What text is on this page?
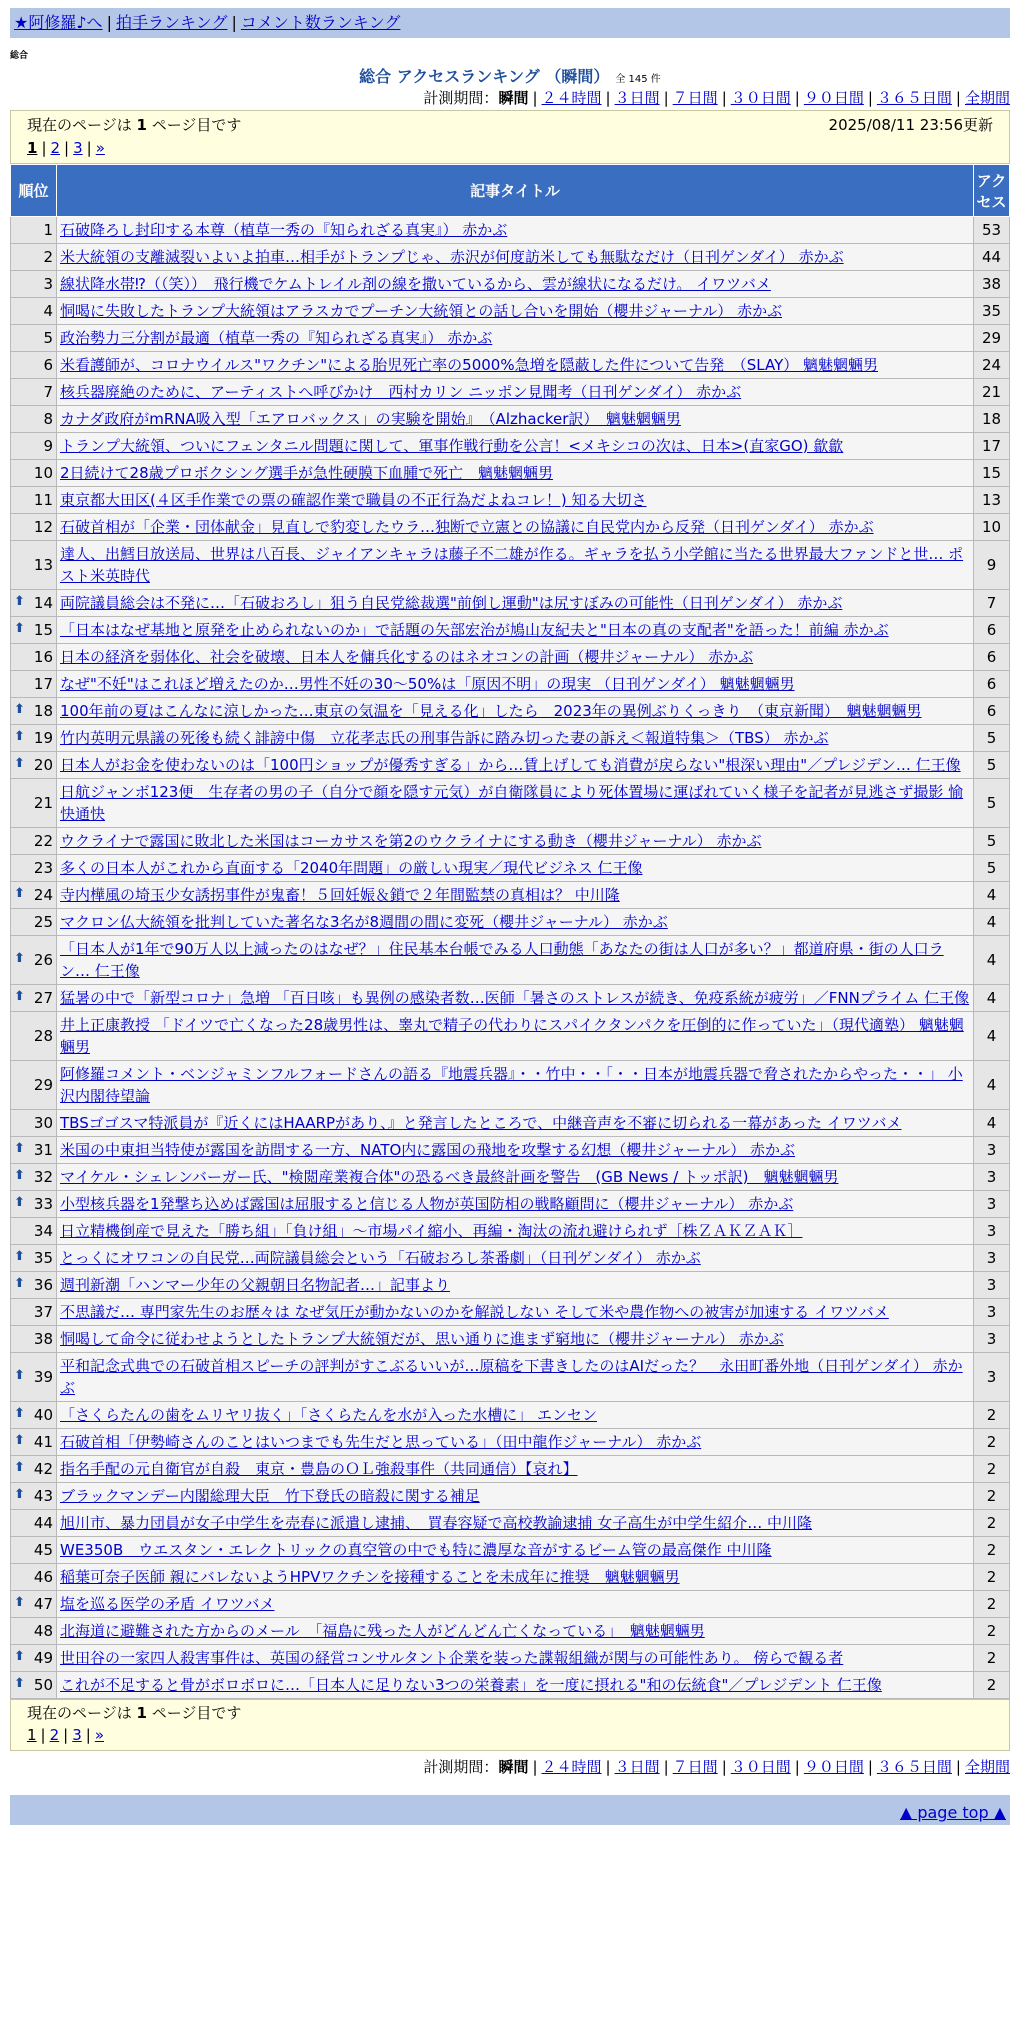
★阿修羅♪へ | 拍手ランキング | コメント数ランキング
総合
総合 アクセスランキング （瞬間） 全 145 件
計測期間：瞬間 | ２４時間 | ３日間 | ７日間 | ３０日間 | ９０日間 | ３６５日間 | 全期間
現在のページは 1 ページ目です	2025/08/11 23:56更新
1 | 2 | 3 | »
順位	記事タイトル	アクセス
1	石破降ろし封印する本尊（植草一秀の『知られざる真実』） 赤かぶ	53
2	米大統領の支離滅裂いよいよ拍車…相手がトランプじゃ、赤沢が何度訪米しても無駄なだけ（日刊ゲンダイ） 赤かぶ	44
3	線状降水帯⁉（（笑））　飛行機でケムトレイル剤の線を撒いているから、雲が線状になるだけ。 イワツバメ	38
4	恫喝に失敗したトランプ大統領はアラスカでプーチン大統領との話し合いを開始（櫻井ジャーナル） 赤かぶ	35
5	政治勢力三分割が最適（植草一秀の『知られざる真実』） 赤かぶ	29
6	米看護師が、コロナウイルス"ワクチン"による胎児死亡率の5000%急増を隠蔽した件について告発　（SLAY） 魑魅魍魎男	24
7	核兵器廃絶のために、アーティストへ呼びかけ　西村カリン ニッポン見聞考（日刊ゲンダイ） 赤かぶ	21
8	カナダ政府がmRNA吸入型「エアロバックス」の実験を開始』　（Alzhacker訳）　魑魅魍魎男	18
9	トランプ大統領、ついにフェンタニル問題に関して、軍事作戦行動を公言！<メキシコの次は、日本>(直家GO) 歙歙	17
10	2日続けて28歳プロボクシング選手が急性硬膜下血腫で死亡　魑魅魍魎男	15
11	東京都大田区(４区手作業での票の確認作業で職員の不正行為だよねコレ！) 知る大切さ	13
12	石破首相が「企業・団体献金」見直しで豹変したウラ…独断で立憲との協議に自民党内から反発（日刊ゲンダイ） 赤かぶ	10
13	達人、出鱈目放送局、世界は八百長、ジャイアンキャラは藤子不二雄が作る。ギャラを払う小学館に当たる世界最大ファンドと世… ポスト米英時代	9

⬆ 14	両院議員総会は不発に…「石破おろし」狙う自民党総裁選"前倒し運動"は尻すぼみの可能性（日刊ゲンダイ） 赤かぶ	7

⬆ 15	「日本はなぜ基地と原発を止められないのか」で話題の矢部宏治が鳩山友紀夫と"日本の真の支配者"を語った！前編 赤かぶ	6
16	日本の経済を弱体化、社会を破壊、日本人を傭兵化するのはネオコンの計画（櫻井ジャーナル） 赤かぶ	6
17	なぜ"不妊"はこれほど増えたのか…男性不妊の30～50%は「原因不明」の現実 （日刊ゲンダイ） 魑魅魍魎男	6

⬆ 18	100年前の夏はこんなに涼しかった…東京の気温を「見える化」したら　2023年の異例ぶりくっきり　（東京新聞）　魑魅魍魎男	6

⬆ 19	竹内英明元県議の死後も続く誹謗中傷　立花孝志氏の刑事告訴に踏み切った妻の訴え＜報道特集＞（TBS） 赤かぶ	5

⬆ 20	日本人がお金を使わないのは「100円ショップが優秀すぎる」から…賃上げしても消費が戻らない"根深い理由"／プレジデン… 仁王像	5
21	日航ジャンボ123便　生存者の男の子（自分で顔を隠す元気）が自衛隊員により死体置場に運ばれていく様子を記者が見逃さず撮影 愉快通快	5
22	ウクライナで露国に敗北した米国はコーカサスを第2のウクライナにする動き（櫻井ジャーナル） 赤かぶ	5
23	多くの日本人がこれから直面する「2040年問題」の厳しい現実／現代ビジネス 仁王像	5

⬆ 24	寺内樺風の埼玉少女誘拐事件が鬼畜！５回妊娠＆鎖で２年間監禁の真相は？ 中川隆	4
25	マクロン仏大統領を批判していた著名な3名が8週間の間に変死（櫻井ジャーナル） 赤かぶ	4

⬆ 26	「日本人が1年で90万人以上減ったのはなぜ？」住民基本台帳でみる人口動態「あなたの街は人口が多い？」都道府県・街の人口ラン… 仁王像	4

⬆ 27	猛暑の中で「新型コロナ」急増 「百日咳」も異例の感染者数…医師「暑さのストレスが続き、免疫系統が疲労」／FNNプライム 仁王像	4
28	井上正康教授 「ドイツで亡くなった28歳男性は、睾丸で精子の代わりにスパイクタンパクを圧倒的に作っていた」（現代適塾） 魑魅魍魎男	4
29	阿修羅コメント・ベンジャミンフルフォードさんの語る『地震兵器』・・竹中・・「・・日本が地震兵器で脅されたからやった・・」 小沢内閣待望論	4
30	TBSゴゴスマ特派員が『近くにはHAARPがあり、』と発言したところで、中継音声を不審に切られる一幕があった イワツバメ	4

⬆ 31	米国の中東担当特使が露国を訪問する一方、NATO内に露国の飛地を攻撃する幻想（櫻井ジャーナル） 赤かぶ	3

⬆ 32	マイケル・シェレンバーガー氏、"検閲産業複合体"の恐るべき最終計画を警告　(GB News / トッポ訳)　魑魅魍魎男	3

⬆ 33	小型核兵器を1発撃ち込めば露国は屈服すると信じる人物が英国防相の戦略顧問に（櫻井ジャーナル） 赤かぶ	3
34	日立精機倒産で見えた「勝ち組」「負け組」～市場パイ縮小、再編・淘汰の流れ避けられず［株ＺＡＫＺＡＫ］	3

⬆ 35	とっくにオワコンの自民党…両院議員総会という「石破おろし茶番劇」（日刊ゲンダイ） 赤かぶ	3

⬆ 36	週刊新潮「ハンマー少年の父親朝日名物記者…」記事より	3
37	不思議だ… 専門家先生のお歴々は なぜ気圧が動かないのかを解説しない そして米や農作物への被害が加速する イワツバメ	3
38	恫喝して命令に従わせようとしたトランプ大統領だが、思い通りに進まず窮地に（櫻井ジャーナル） 赤かぶ	3

⬆ 39	平和記念式典での石破首相スピーチの評判がすこぶるいいが…原稿を下書きしたのはAIだった？　永田町番外地（日刊ゲンダイ） 赤かぶ	3

⬆ 40	「さくらたんの歯をムリヤリ抜く」「さくらたんを水が入った水槽に」 エンセン	2

⬆ 41	石破首相「伊勢崎さんのことはいつまでも先生だと思っている」（田中龍作ジャーナル） 赤かぶ	2

⬆ 42	指名手配の元自衛官が自殺　東京・豊島のＯＬ強殺事件（共同通信）【哀れ】	2

⬆ 43	ブラックマンデー内閣総理大臣　竹下登氏の暗殺に関する補足	2
44	旭川市、暴力団員が女子中学生を売春に派遣し逮捕、　買春容疑で高校教諭逮捕 女子高生が中学生紹介… 中川隆	2
45	WE350B　ウエスタン・エレクトリックの真空管の中でも特に濃厚な音がするビーム管の最高傑作 中川隆	2
46	稲葉可奈子医師 親にバレないようHPVワクチンを接種することを未成年に推奨　魑魅魍魎男	2

⬆ 47	塩を巡る医学の矛盾 イワツバメ	2
48	北海道に避難された方からのメール　「福島に残った人がどんどん亡くなっている」　魑魅魍魎男	2

⬆ 49	世田谷の一家四人殺害事件は、英国の経営コンサルタント企業を装った諜報組織が関与の可能性あり。 傍らで観る者	2

⬆ 50	これが不足すると骨がボロボロに…「日本人に足りない3つの栄養素」を一度に摂れる"和の伝統食"／プレジデント 仁王像	2
現在のページは 1 ページ目です
1 | 2 | 3 | »
計測期間：瞬間 | ２４時間 | ３日間 | ７日間 | ３０日間 | ９０日間 | ３６５日間 | 全期間
▲ page top ▲
